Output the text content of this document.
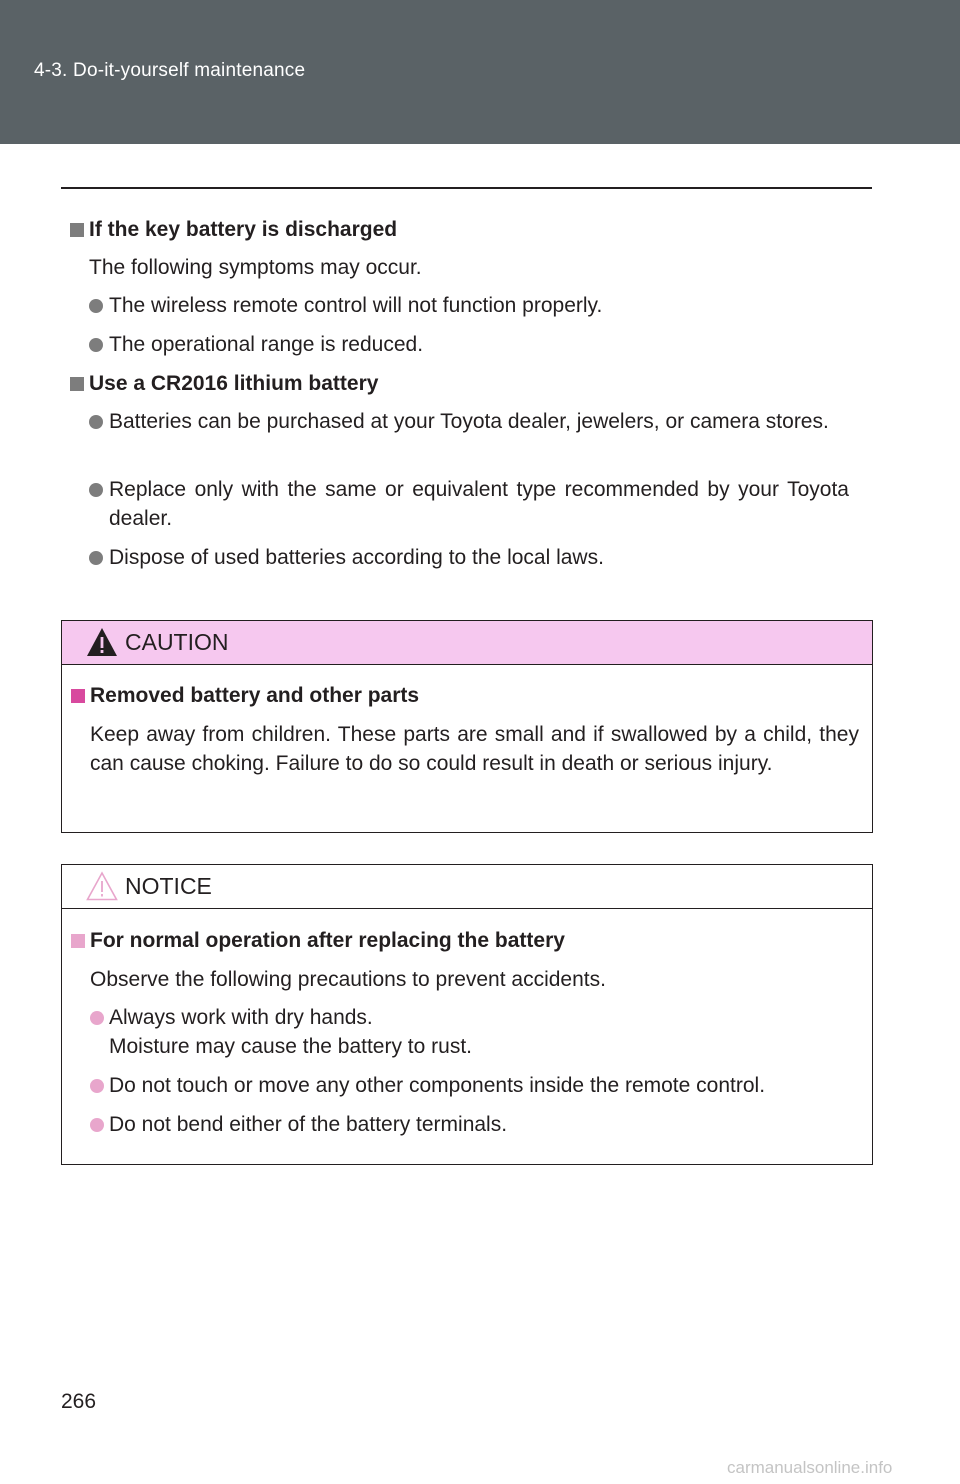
4-3. Do-it-yourself maintenance
If the key battery is discharged
The following symptoms may occur.
The wireless remote control will not function properly.
The operational range is reduced.
Use a CR2016 lithium battery
Batteries can be purchased at your Toyota dealer, jewelers, or camera stores.
Replace only with the same or equivalent type recommended by your Toyota dealer.
Dispose of used batteries according to the local laws.
CAUTION
Removed battery and other parts
Keep away from children. These parts are small and if swallowed by a child, they can cause choking. Failure to do so could result in death or serious injury.
NOTICE
For normal operation after replacing the battery
Observe the following precautions to prevent accidents.
Always work with dry hands.
Moisture may cause the battery to rust.
Do not touch or move any other components inside the remote control.
Do not bend either of the battery terminals.
266
carmanualsonline.info
